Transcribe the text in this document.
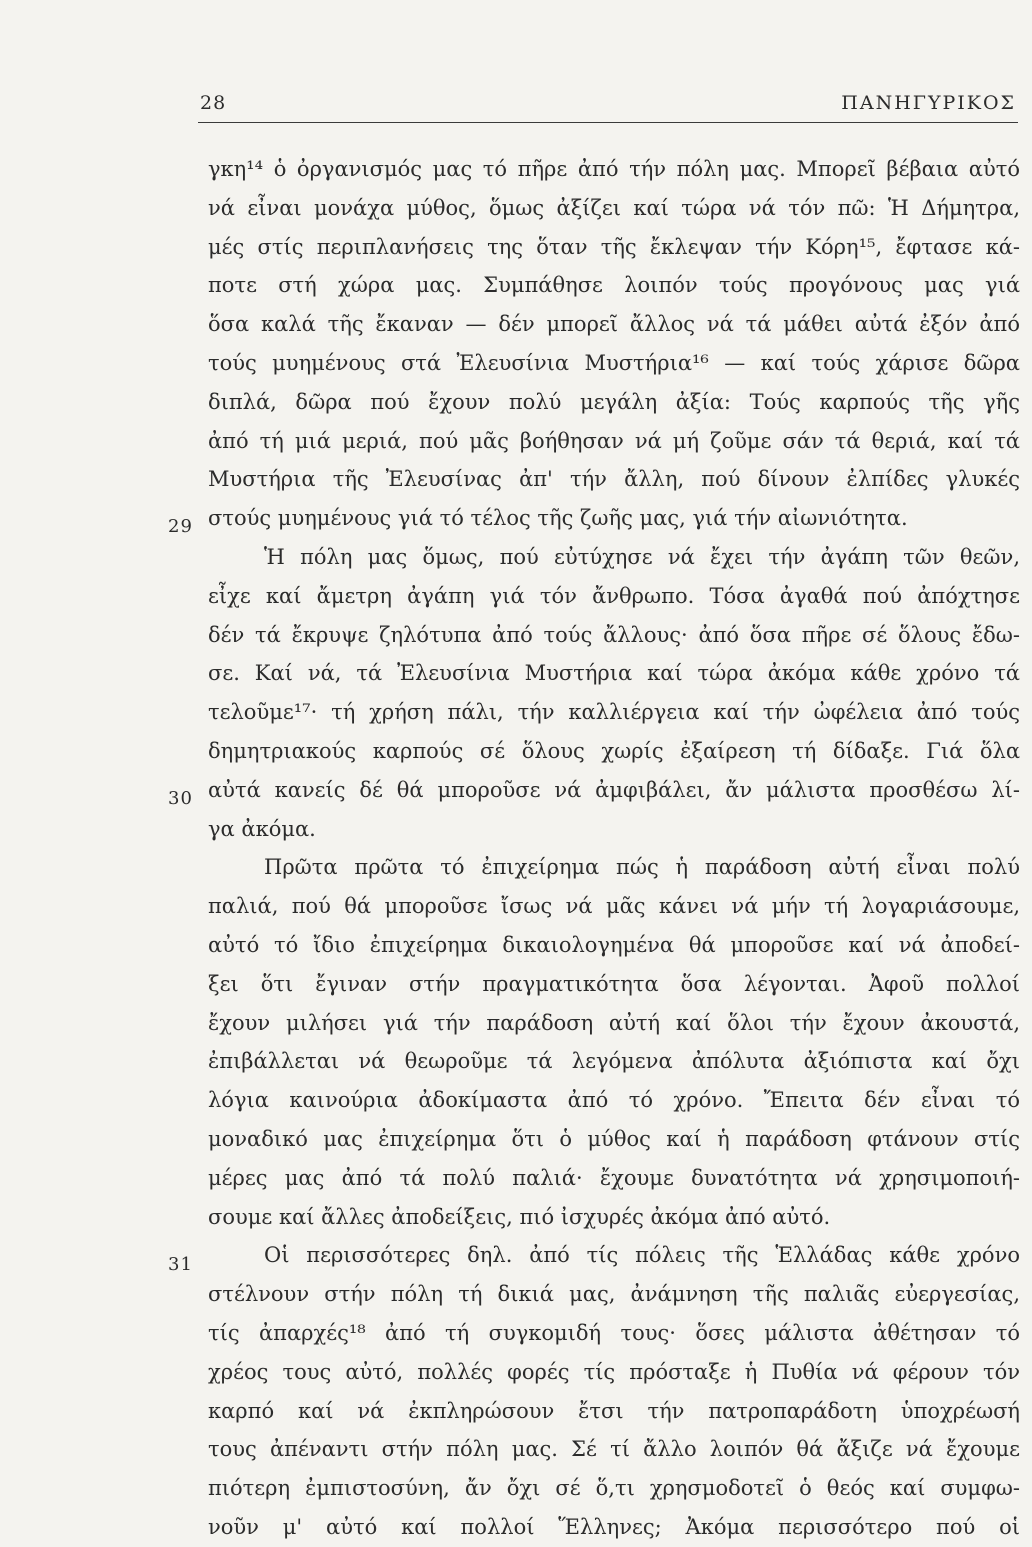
28	ΠΑΝΗΓΥΡΙΚΟΣ
29
30
31
γκη¹⁴ ὁ ὀργανισμός μας τό πῆρε ἀπό τήν πόλη μας. Μπορεῖ βέβαια αὐτό
νά εἶναι μονάχα μύθος, ὅμως ἀξίζει καί τώρα νά τόν πῶ: Ἡ Δήμητρα,
μές στίς περιπλανήσεις της ὅταν τῆς ἔκλεψαν τήν Κόρη¹⁵, ἔφτασε κά-
ποτε στή χώρα μας. Συμπάθησε λοιπόν τούς προγόνους μας γιά
ὅσα καλά τῆς ἔκαναν — δέν μπορεῖ ἄλλος νά τά μάθει αὐτά ἐξόν ἀπό
τούς μυημένους στά Ἐλευσίνια Μυστήρια¹⁶ — καί τούς χάρισε δῶρα
διπλά, δῶρα πού ἔχουν πολύ μεγάλη ἀξία: Τούς καρπούς τῆς γῆς
ἀπό τή μιά μεριά, πού μᾶς βοήθησαν νά μή ζοῦμε σάν τά θεριά, καί τά
Μυστήρια τῆς Ἐλευσίνας ἀπ' τήν ἄλλη, πού δίνουν ἐλπίδες γλυκές
στούς μυημένους γιά τό τέλος τῆς ζωῆς μας, γιά τήν αἰωνιότητα.
Ἡ πόλη μας ὅμως, πού εὐτύχησε νά ἔχει τήν ἀγάπη τῶν θεῶν,
εἶχε καί ἄμετρη ἀγάπη γιά τόν ἄνθρωπο. Τόσα ἀγαθά πού ἀπόχτησε
δέν τά ἔκρυψε ζηλότυπα ἀπό τούς ἄλλους· ἀπό ὅσα πῆρε σέ ὅλους ἔδω-
σε. Καί νά, τά Ἐλευσίνια Μυστήρια καί τώρα ἀκόμα κάθε χρόνο τά
τελοῦμε¹⁷· τή χρήση πάλι, τήν καλλιέργεια καί τήν ὠφέλεια ἀπό τούς
δημητριακούς καρπούς σέ ὅλους χωρίς ἐξαίρεση τή δίδαξε. Γιά ὅλα
αὐτά κανείς δέ θά μποροῦσε νά ἀμφιβάλει, ἄν μάλιστα προσθέσω λί-
γα ἀκόμα.
Πρῶτα πρῶτα τό ἐπιχείρημα πώς ἡ παράδοση αὐτή εἶναι πολύ
παλιά, πού θά μποροῦσε ἴσως νά μᾶς κάνει νά μήν τή λογαριάσουμε,
αὐτό τό ἴδιο ἐπιχείρημα δικαιολογημένα θά μποροῦσε καί νά ἀποδεί-
ξει ὅτι ἔγιναν στήν πραγματικότητα ὅσα λέγονται. Ἀφοῦ πολλοί
ἔχουν μιλήσει γιά τήν παράδοση αὐτή καί ὅλοι τήν ἔχουν ἀκουστά,
ἐπιβάλλεται νά θεωροῦμε τά λεγόμενα ἀπόλυτα ἀξιόπιστα καί ὄχι
λόγια καινούρια ἀδοκίμαστα ἀπό τό χρόνο. Ἔπειτα δέν εἶναι τό
μοναδικό μας ἐπιχείρημα ὅτι ὁ μύθος καί ἡ παράδοση φτάνουν στίς
μέρες μας ἀπό τά πολύ παλιά· ἔχουμε δυνατότητα νά χρησιμοποιή-
σουμε καί ἄλλες ἀποδείξεις, πιό ἰσχυρές ἀκόμα ἀπό αὐτό.
Οἱ περισσότερες δηλ. ἀπό τίς πόλεις τῆς Ἑλλάδας κάθε χρόνο
στέλνουν στήν πόλη τή δικιά μας, ἀνάμνηση τῆς παλιᾶς εὐεργεσίας,
τίς ἀπαρχές¹⁸ ἀπό τή συγκομιδή τους· ὅσες μάλιστα ἀθέτησαν τό
χρέος τους αὐτό, πολλές φορές τίς πρόσταξε ἡ Πυθία νά φέρουν τόν
καρπό καί νά ἐκπληρώσουν ἔτσι τήν πατροπαράδοτη ὑποχρέωσή
τους ἀπέναντι στήν πόλη μας. Σέ τί ἄλλο λοιπόν θά ἄξιζε νά ἔχουμε
πιότερη ἐμπιστοσύνη, ἄν ὄχι σέ ὅ,τι χρησμοδοτεῖ ὁ θεός καί συμφω-
νοῦν μ' αὐτό καί πολλοί Ἕλληνες; Ἀκόμα περισσότερο πού οἱ
